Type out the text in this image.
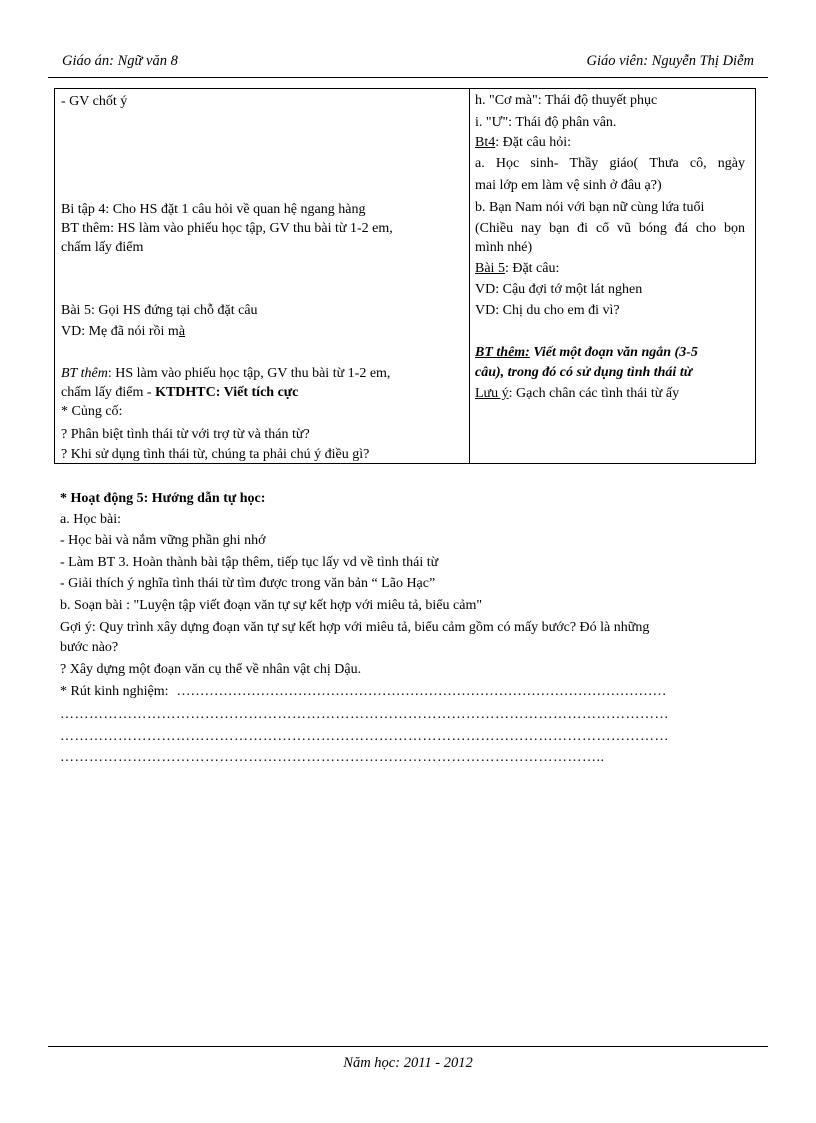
Giáo án: Ngữ văn 8	Giáo viên: Nguyễn Thị Diễm
- GV chốt ý
Bi tập 4: Cho HS đặt 1 câu hỏi về quan hệ ngang hàng
BT thêm: HS làm vào phiếu học tập, GV thu bài từ 1-2 em,
chấm lấy điểm
Bài 5: Gọi HS đứng tại chỗ đặt câu
VD: Mẹ đã nói rồi mà
BT thêm: HS làm vào phiếu học tập, GV thu bài từ 1-2 em,
chấm lấy điểm - KTDHTC: Viết tích cực
* Củng cố:
? Phân biệt tình thái từ với trợ từ và thán từ?
? Khi sử dụng tình thái từ, chúng ta phải chú ý điều gì?
h. "Cơ mà": Thái độ thuyết phục
i. "Ư": Thái độ phân vân.
Bt4: Đặt câu hỏi:
a. Học sinh- Thầy giáo( Thưa cô, ngày
mai lớp em làm vệ sinh ở đâu ạ?)
b. Bạn Nam nói với bạn nữ cùng lứa tuổi
(Chiều nay bạn đi cổ vũ bóng đá cho bọn
mình nhé)
Bài 5: Đặt câu:
VD: Cậu đợi tớ một lát nghen
VD: Chị du cho em đi vì?
BT thêm: Viết một đoạn văn ngắn (3-5
câu), trong đó có sử dụng tình thái từ
Lưu ý: Gạch chân các tình thái từ ấy
* Hoạt động 5: Hướng dẫn tự học:
a. Học bài:
- Học bài và nắm vững phần ghi nhớ
- Làm BT 3. Hoàn thành bài tập thêm, tiếp tục lấy vd về tình thái từ
- Giải thích ý nghĩa tình thái từ tìm được trong văn bản “ Lão Hạc”
b. Soạn bài : "Luyện tập viết đoạn văn tự sự kết hợp với miêu tả, biểu cảm"
Gợi ý: Quy trình xây dựng đoạn văn tự sự kết hợp với miêu tả, biểu cảm gồm có mấy bước? Đó là những
bước nào?
? Xây dựng một đoạn văn cụ thể về nhân vật chị Dậu.
* Rút kinh nghiệm: ……………………………………………………………………………………………
………………………………………………………………………………………………………………
………………………………………………………………………………………………………………
…………………………………………………………………………………………………..
Năm học: 2011 - 2012
